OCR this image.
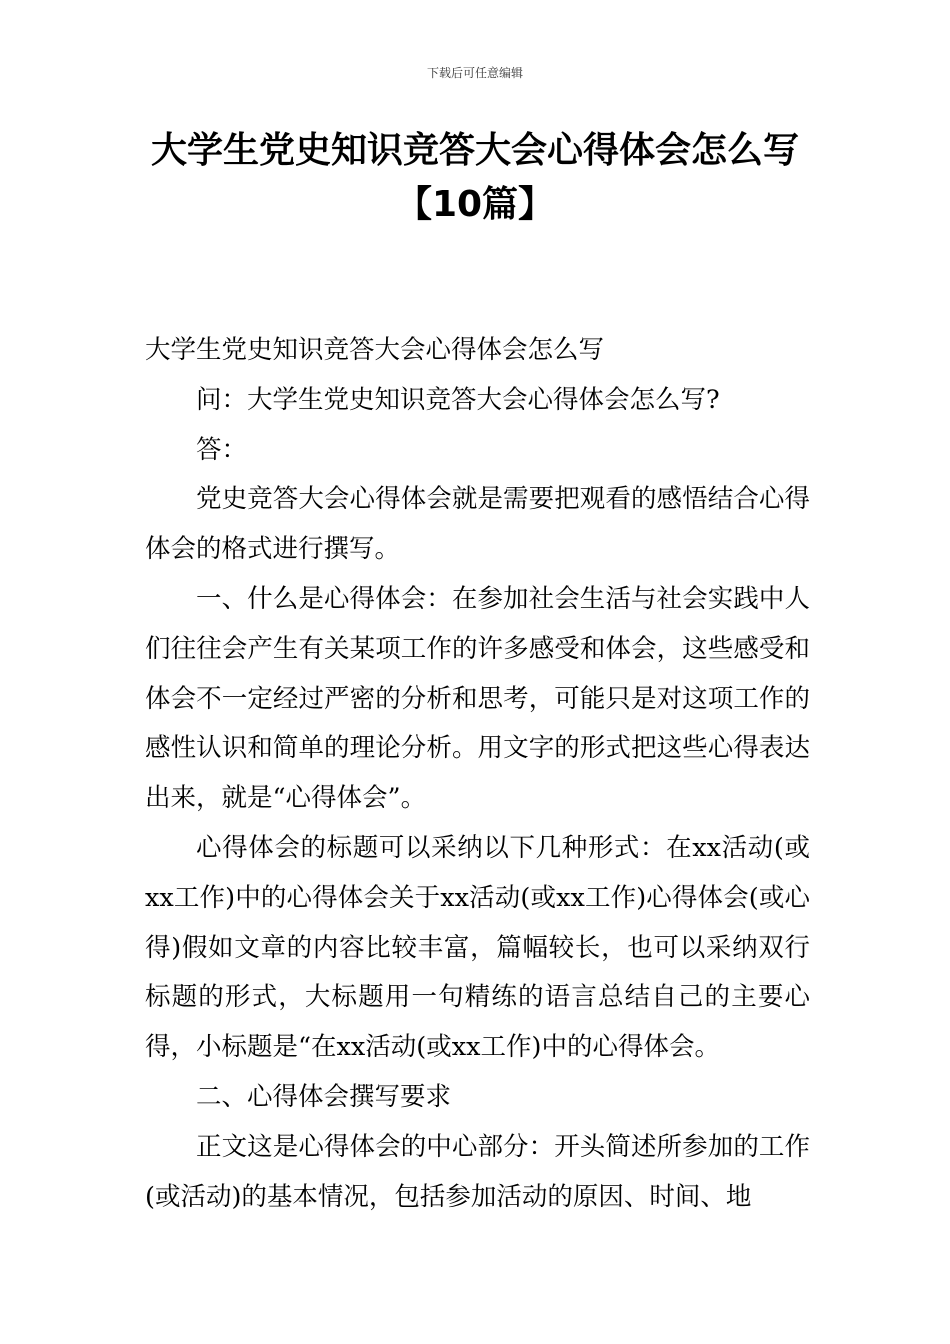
下载后可任意编辑
大学生党史知识竞答大会心得体会怎么写
【10篇】

大学生党史知识竞答大会心得体会怎么写

问：大学生党史知识竞答大会心得体会怎么写?

答：

党史竞答大会心得体会就是需要把观看的感悟结合心得体会的格式进行撰写。

一、什么是心得体会：在参加社会生活与社会实践中人们往往会产生有关某项工作的许多感受和体会，这些感受和体会不一定经过严密的分析和思考，可能只是对这项工作的感性认识和简单的理论分析。用文字的形式把这些心得表达出来，就是“心得体会”。

心得体会的标题可以采纳以下几种形式：在xx活动(或xx工作)中的心得体会关于xx活动(或xx工作)心得体会(或心得)假如文章的内容比较丰富，篇幅较长，也可以采纳双行标题的形式，大标题用一句精练的语言总结自己的主要心得，小标题是“在xx活动(或xx工作)中的心得体会。

二、心得体会撰写要求

正文这是心得体会的中心部分：开头简述所参加的工作(或活动)的基本情况，包括参加活动的原因、时间、地
